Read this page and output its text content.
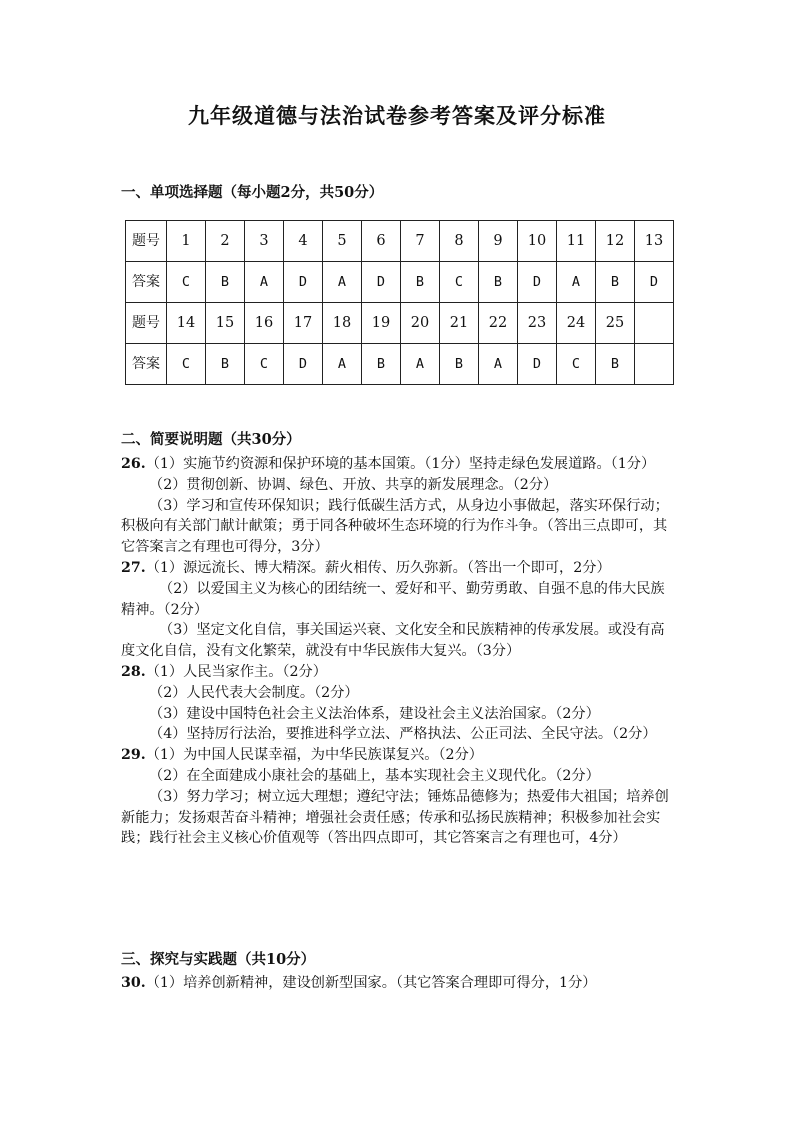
九年级道德与法治试卷参考答案及评分标准
一、单项选择题（每小题2分，共50分）
题号	1	2	3	4	5	6	7	8	9	10	11	12	13
答案	C	B	A	D	A	D	B	C	B	D	A	B	D
题号	14	15	16	17	18	19	20	21	22	23	24	25	
答案	C	B	C	D	A	B	A	B	A	D	C	B	
二、简要说明题（共30分）

26.（1）实施节约资源和保护环境的基本国策。（1分）坚持走绿色发展道路。（1分）

（2）贯彻创新、协调、绿色、开放、共享的新发展理念。（2分）

（3）学习和宣传环保知识；践行低碳生活方式，从身边小事做起，落实环保行动；积极向有关部门献计献策；勇于同各种破坏生态环境的行为作斗争。（答出三点即可，其它答案言之有理也可得分，3分）

27.（1）源远流长、博大精深。薪火相传、历久弥新。（答出一个即可，2分）

（2）以爱国主义为核心的团结统一、爱好和平、勤劳勇敢、自强不息的伟大民族精神。（2分）

（3）坚定文化自信，事关国运兴衰、文化安全和民族精神的传承发展。或没有高度文化自信，没有文化繁荣，就没有中华民族伟大复兴。（3分）

28.（1）人民当家作主。（2分）

（2）人民代表大会制度。（2分）

（3）建设中国特色社会主义法治体系，建设社会主义法治国家。（2分）

（4）坚持厉行法治，要推进科学立法、严格执法、公正司法、全民守法。（2分）

29.（1）为中国人民谋幸福，为中华民族谋复兴。（2分）

（2）在全面建成小康社会的基础上，基本实现社会主义现代化。（2分）

（3）努力学习；树立远大理想；遵纪守法；锤炼品德修为；热爱伟大祖国；培养创新能力；发扬艰苦奋斗精神；增强社会责任感；传承和弘扬民族精神；积极参加社会实践；践行社会主义核心价值观等（答出四点即可，其它答案言之有理也可，4分）

三、探究与实践题（共10分）

30.（1）培养创新精神，建设创新型国家。（其它答案合理即可得分，1分）
